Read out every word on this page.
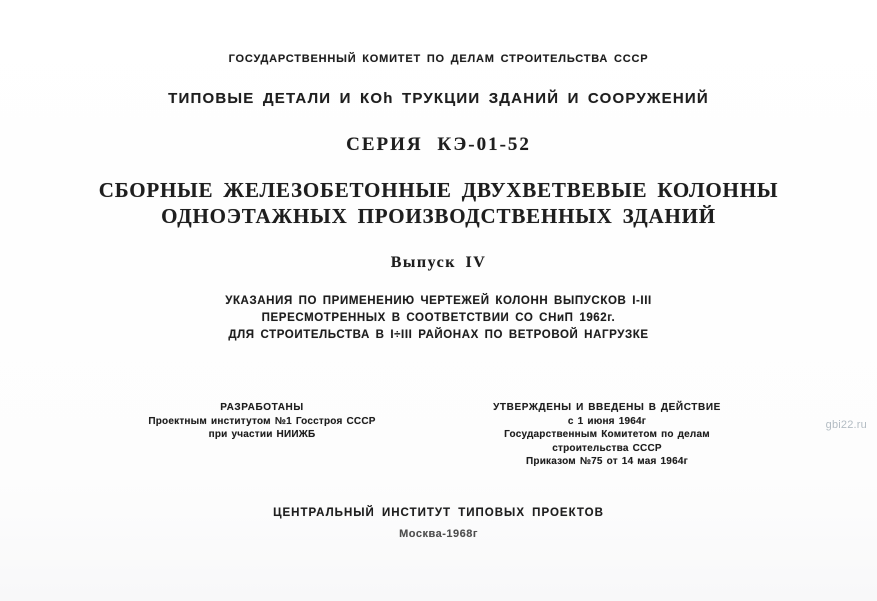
ГОСУДАРСТВЕННЫЙ КОМИТЕТ ПО ДЕЛАМ СТРОИТЕЛЬСТВА СССР
ТИПОВЫЕ ДЕТАЛИ И КОh ТРУКЦИИ ЗДАНИЙ И СООРУЖЕНИЙ
СЕРИЯ КЭ-01-52
СБОРНЫЕ ЖЕЛЕЗОБЕТОННЫЕ ДВУХВЕТВЕВЫЕ КОЛОННЫ
ОДНОЭТАЖНЫХ ПРОИЗВОДСТВЕННЫХ ЗДАНИЙ
Выпуск IV
УКАЗАНИЯ ПО ПРИМЕНЕНИЮ ЧЕРТЕЖЕЙ КОЛОНН ВЫПУСКОВ I-III
ПЕРЕСМОТРЕННЫХ В СООТВЕТСТВИИ СО СНиП 1962г.
ДЛЯ СТРОИТЕЛЬСТВА В I÷III РАЙОНАХ ПО ВЕТРОВОЙ НАГРУЗКЕ
РАЗРАБОТАНЫ
Проектным институтом №1 Госстроя СССР
при участии НИИЖБ
УТВЕРЖДЕНЫ И ВВЕДЕНЫ В ДЕЙСТВИЕ
с 1 июня 1964г
Государственным Комитетом по делам
строительства СССР
Приказом №75 от 14 мая 1964г
gbi22.ru
ЦЕНТРАЛЬНЫЙ ИНСТИТУТ ТИПОВЫХ ПРОЕКТОВ
Москва-1968г
